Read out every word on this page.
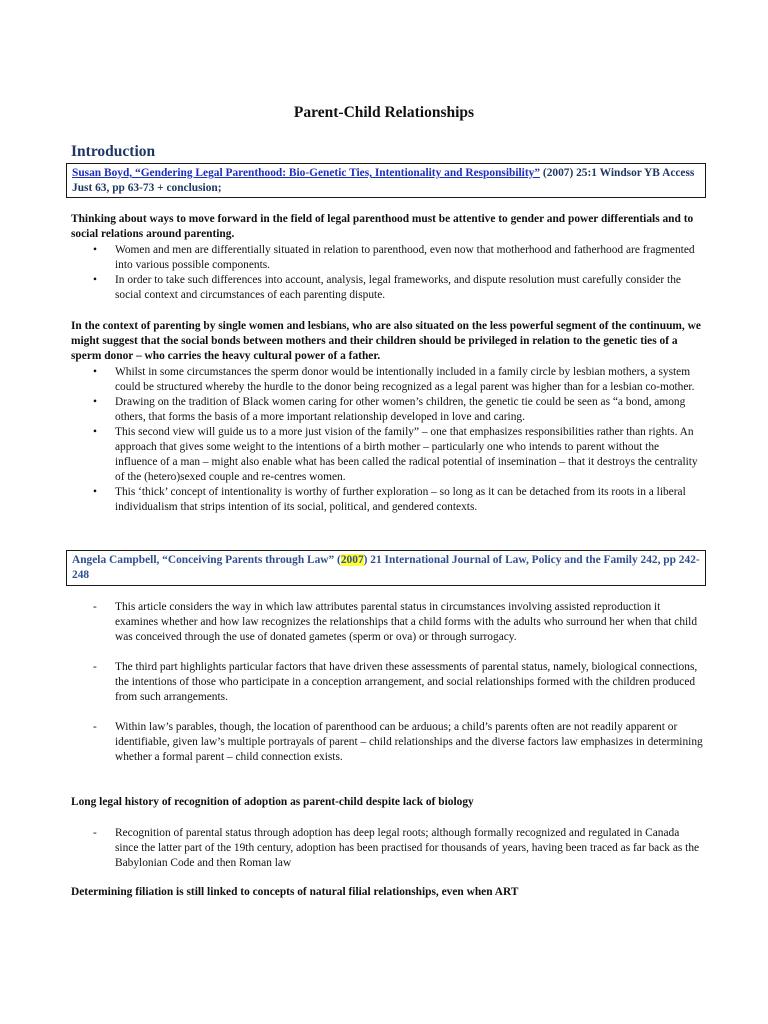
Parent-Child Relationships
Introduction
Susan Boyd, “Gendering Legal Parenthood: Bio-Genetic Ties, Intentionality and Responsibility” (2007) 25:1 Windsor YB Access Just 63, pp 63-73 + conclusion;

Thinking about ways to move forward in the field of legal parenthood must be attentive to gender and power differentials and to social relations around parenting.

• Women and men are differentially situated in relation to parenthood, even now that motherhood and fatherhood are fragmented into various possible components.
• In order to take such differences into account, analysis, legal frameworks, and dispute resolution must carefully consider the social context and circumstances of each parenting dispute.

In the context of parenting by single women and lesbians, who are also situated on the less powerful segment of the continuum, we might suggest that the social bonds between mothers and their children should be privileged in relation to the genetic ties of a sperm donor – who carries the heavy cultural power of a father.

• Whilst in some circumstances the sperm donor would be intentionally included in a family circle by lesbian mothers, a system could be structured whereby the hurdle to the donor being recognized as a legal parent was higher than for a lesbian co-mother.
• Drawing on the tradition of Black women caring for other women’s children, the genetic tie could be seen as “a bond, among others, that forms the basis of a more important relationship developed in love and caring.
• This second view will guide us to a more just vision of the family” – one that emphasizes responsibilities rather than rights. An approach that gives some weight to the intentions of a birth mother – particularly one who intends to parent without the influence of a man – might also enable what has been called the radical potential of insemination – that it destroys the centrality of the (hetero)sexed couple and re-centres women.
• This ‘thick’ concept of intentionality is worthy of further exploration – so long as it can be detached from its roots in a liberal individualism that strips intention of its social, political, and gendered contexts.
Angela Campbell, “Conceiving Parents through Law” (2007) 21 International Journal of Law, Policy and the Family 242, pp 242-248
- This article considers the way in which law attributes parental status in circumstances involving assisted reproduction it examines whether and how law recognizes the relationships that a child forms with the adults who surround her when that child was conceived through the use of donated gametes (sperm or ova) or through surrogacy.
- The third part highlights particular factors that have driven these assessments of parental status, namely, biological connections, the intentions of those who participate in a conception arrangement, and social relationships formed with the children produced from such arrangements.
- Within law’s parables, though, the location of parenthood can be arduous; a child’s parents often are not readily apparent or identifiable, given law’s multiple portrayals of parent – child relationships and the diverse factors law emphasizes in determining whether a formal parent – child connection exists.

Long legal history of recognition of adoption as parent-child despite lack of biology

- Recognition of parental status through adoption has deep legal roots; although formally recognized and regulated in Canada since the latter part of the 19th century, adoption has been practised for thousands of years, having been traced as far back as the Babylonian Code and then Roman law

Determining filiation is still linked to concepts of natural filial relationships, even when ART
